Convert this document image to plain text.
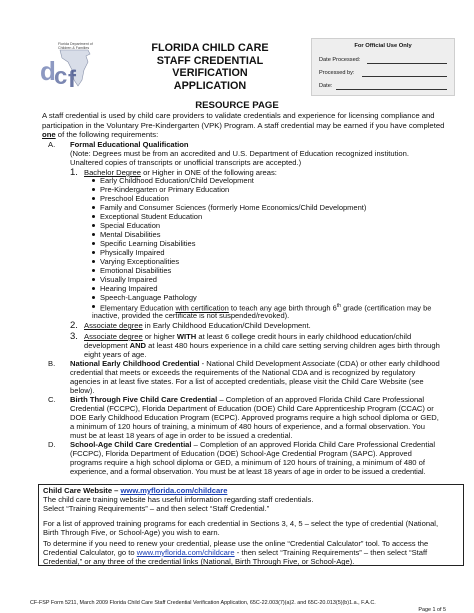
d
c f
Florida Department of Children & Families	FLORIDA CHILD CARE
STAFF CREDENTIAL
VERIFICATION
APPLICATION
For Official Use Only
Date Processed:
Processed by:
Date:
RESOURCE PAGE
A staff credential is used by child care providers to validate credentials and experience for licensing compliance and participation in the Voluntary Pre-Kindergarten (VPK) Program. A staff credential may be earned if you have completed one of the following requirements:
A. Formal Educational Qualification
(Note: Degrees must be from an accredited and U.S. Department of Education recognized institution.
Unaltered copies of transcripts or unofficial transcripts are accepted.)
1. Bachelor Degree or Higher in ONE of the following areas:
Early Childhood Education/Child Development
Pre-Kindergarten or Primary Education
Preschool Education
Family and Consumer Sciences (formerly Home Economics/Child Development)
Exceptional Student Education
Special Education
Mental Disabilities
Specific Learning Disabilities
Physically Impaired
Varying Exceptionalities
Emotional Disabilities
Visually Impaired
Hearing Impaired
Speech-Language Pathology
Elementary Education with certification to teach any age birth through 6th grade (certification may be
inactive, provided the certificate is not suspended/revoked).
2. Associate degree in Early Childhood Education/Child Development.
3. Associate degree or higher WITH at least 6 college credit hours in early childhood education/child
development AND at least 480 hours experience in a child care setting serving children ages birth through
eight years of age.
B. National Early Childhood Credential - National Child Development Associate (CDA) or other early childhood
credential that meets or exceeds the requirements of the National CDA and is recognized by regulatory
agencies in at least five states. For a list of accepted credentials, please visit the Child Care Website (see
below).
C. Birth Through Five Child Care Credential – Completion of an approved Florida Child Care Professional
Credential (FCCPC), Florida Department of Education (DOE) Child Care Apprenticeship Program (CCAC) or
DOE Early Childhood Education Program (ECPC). Approved programs require a high school diploma or GED,
a minimum of 120 hours of training, a minimum of 480 hours of experience, and a formal observation. You
must be at least 18 years of age in order to be issued a credential.
D. School-Age Child Care Credential – Completion of an approved Florida Child Care Professional Credential
(FCCPC), Florida Department of Education (DOE) School-Age Credential Program (SAPC). Approved
programs require a high school diploma or GED, a minimum of 120 hours of training, a minimum of 480 of
experience, and a formal observation. You must be at least 18 years of age in order to be issued a credential.
Child Care Website – www.myflorida.com/childcare
The child care training website has useful information regarding staff credentials.
Select “Training Requirements” – and then select “Staff Credential.”
For a list of approved training programs for each credential in Sections 3, 4, 5 – select the type of credential (National,
Birth Through Five, or School-Age) you wish to earn.
To determine if you need to renew your credential, please use the online “Credential Calculator” tool. To access the
Credential Calculator, go to www.myflorida.com/childcare - then select “Training Requirements” – then select “Staff
Credential,” or any three of the credential links (National, Birth Through Five, or School-Age).
CF-FSP Form 5211, March 2009 Florida Child Care Staff Credential Verification Application, 65C-22.003(7)(a)2. and 65C-20.013(5)(b)1.a., F.A.C.
Page 1 of 5
